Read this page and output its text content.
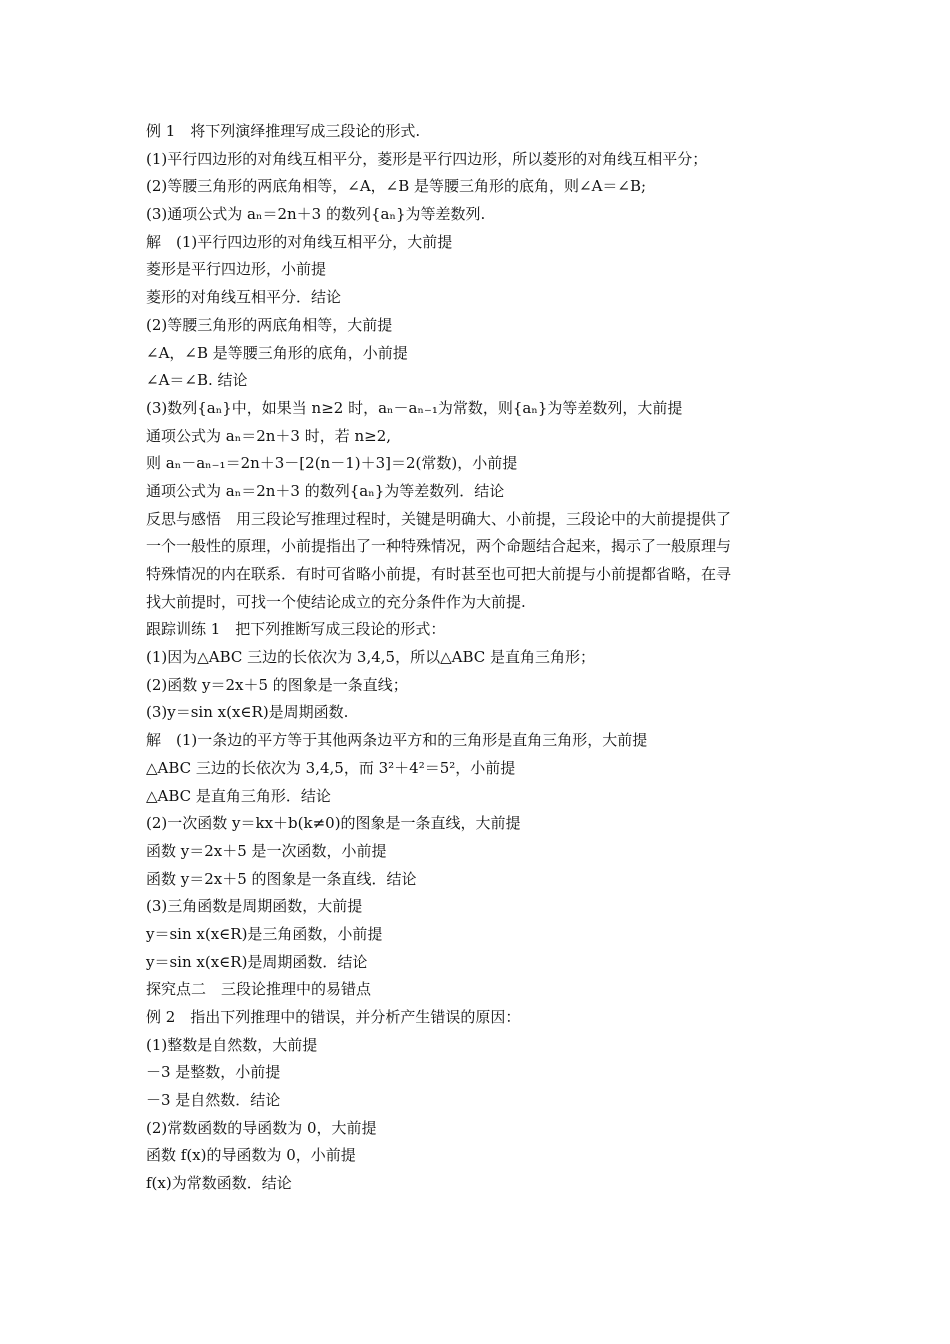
例 1　将下列演绎推理写成三段论的形式.
(1)平行四边形的对角线互相平分，菱形是平行四边形，所以菱形的对角线互相平分；
(2)等腰三角形的两底角相等，∠A，∠B 是等腰三角形的底角，则∠A＝∠B;
(3)通项公式为 aₙ＝2n＋3 的数列{aₙ}为等差数列.
解　(1)平行四边形的对角线互相平分，大前提
菱形是平行四边形，小前提
菱形的对角线互相平分．结论
(2)等腰三角形的两底角相等，大前提
∠A，∠B 是等腰三角形的底角，小前提
∠A＝∠B. 结论
(3)数列{aₙ}中，如果当 n≥2 时，aₙ－aₙ₋₁为常数，则{aₙ}为等差数列，大前提
通项公式为 aₙ＝2n＋3 时，若 n≥2,
则 aₙ－aₙ₋₁＝2n＋3－[2(n－1)＋3]＝2(常数)，小前提
通项公式为 aₙ＝2n＋3 的数列{aₙ}为等差数列．结论
反思与感悟　用三段论写推理过程时，关键是明确大、小前提，三段论中的大前提提供了
一个一般性的原理，小前提指出了一种特殊情况，两个命题结合起来，揭示了一般原理与
特殊情况的内在联系．有时可省略小前提，有时甚至也可把大前提与小前提都省略，在寻
找大前提时，可找一个使结论成立的充分条件作为大前提.
跟踪训练 1　把下列推断写成三段论的形式：
(1)因为△ABC 三边的长依次为 3,4,5，所以△ABC 是直角三角形；
(2)函数 y＝2x＋5 的图象是一条直线；
(3)y＝sin x(x∈R)是周期函数.
解　(1)一条边的平方等于其他两条边平方和的三角形是直角三角形，大前提
△ABC 三边的长依次为 3,4,5，而 3²＋4²＝5²，小前提
△ABC 是直角三角形．结论
(2)一次函数 y＝kx＋b(k≠0)的图象是一条直线，大前提
函数 y＝2x＋5 是一次函数，小前提
函数 y＝2x＋5 的图象是一条直线．结论
(3)三角函数是周期函数，大前提
y＝sin x(x∈R)是三角函数，小前提
y＝sin x(x∈R)是周期函数．结论
探究点二　三段论推理中的易错点
例 2　指出下列推理中的错误，并分析产生错误的原因：
(1)整数是自然数，大前提
－3 是整数，小前提
－3 是自然数．结论
(2)常数函数的导函数为 0，大前提
函数 f(x)的导函数为 0，小前提
f(x)为常数函数．结论
